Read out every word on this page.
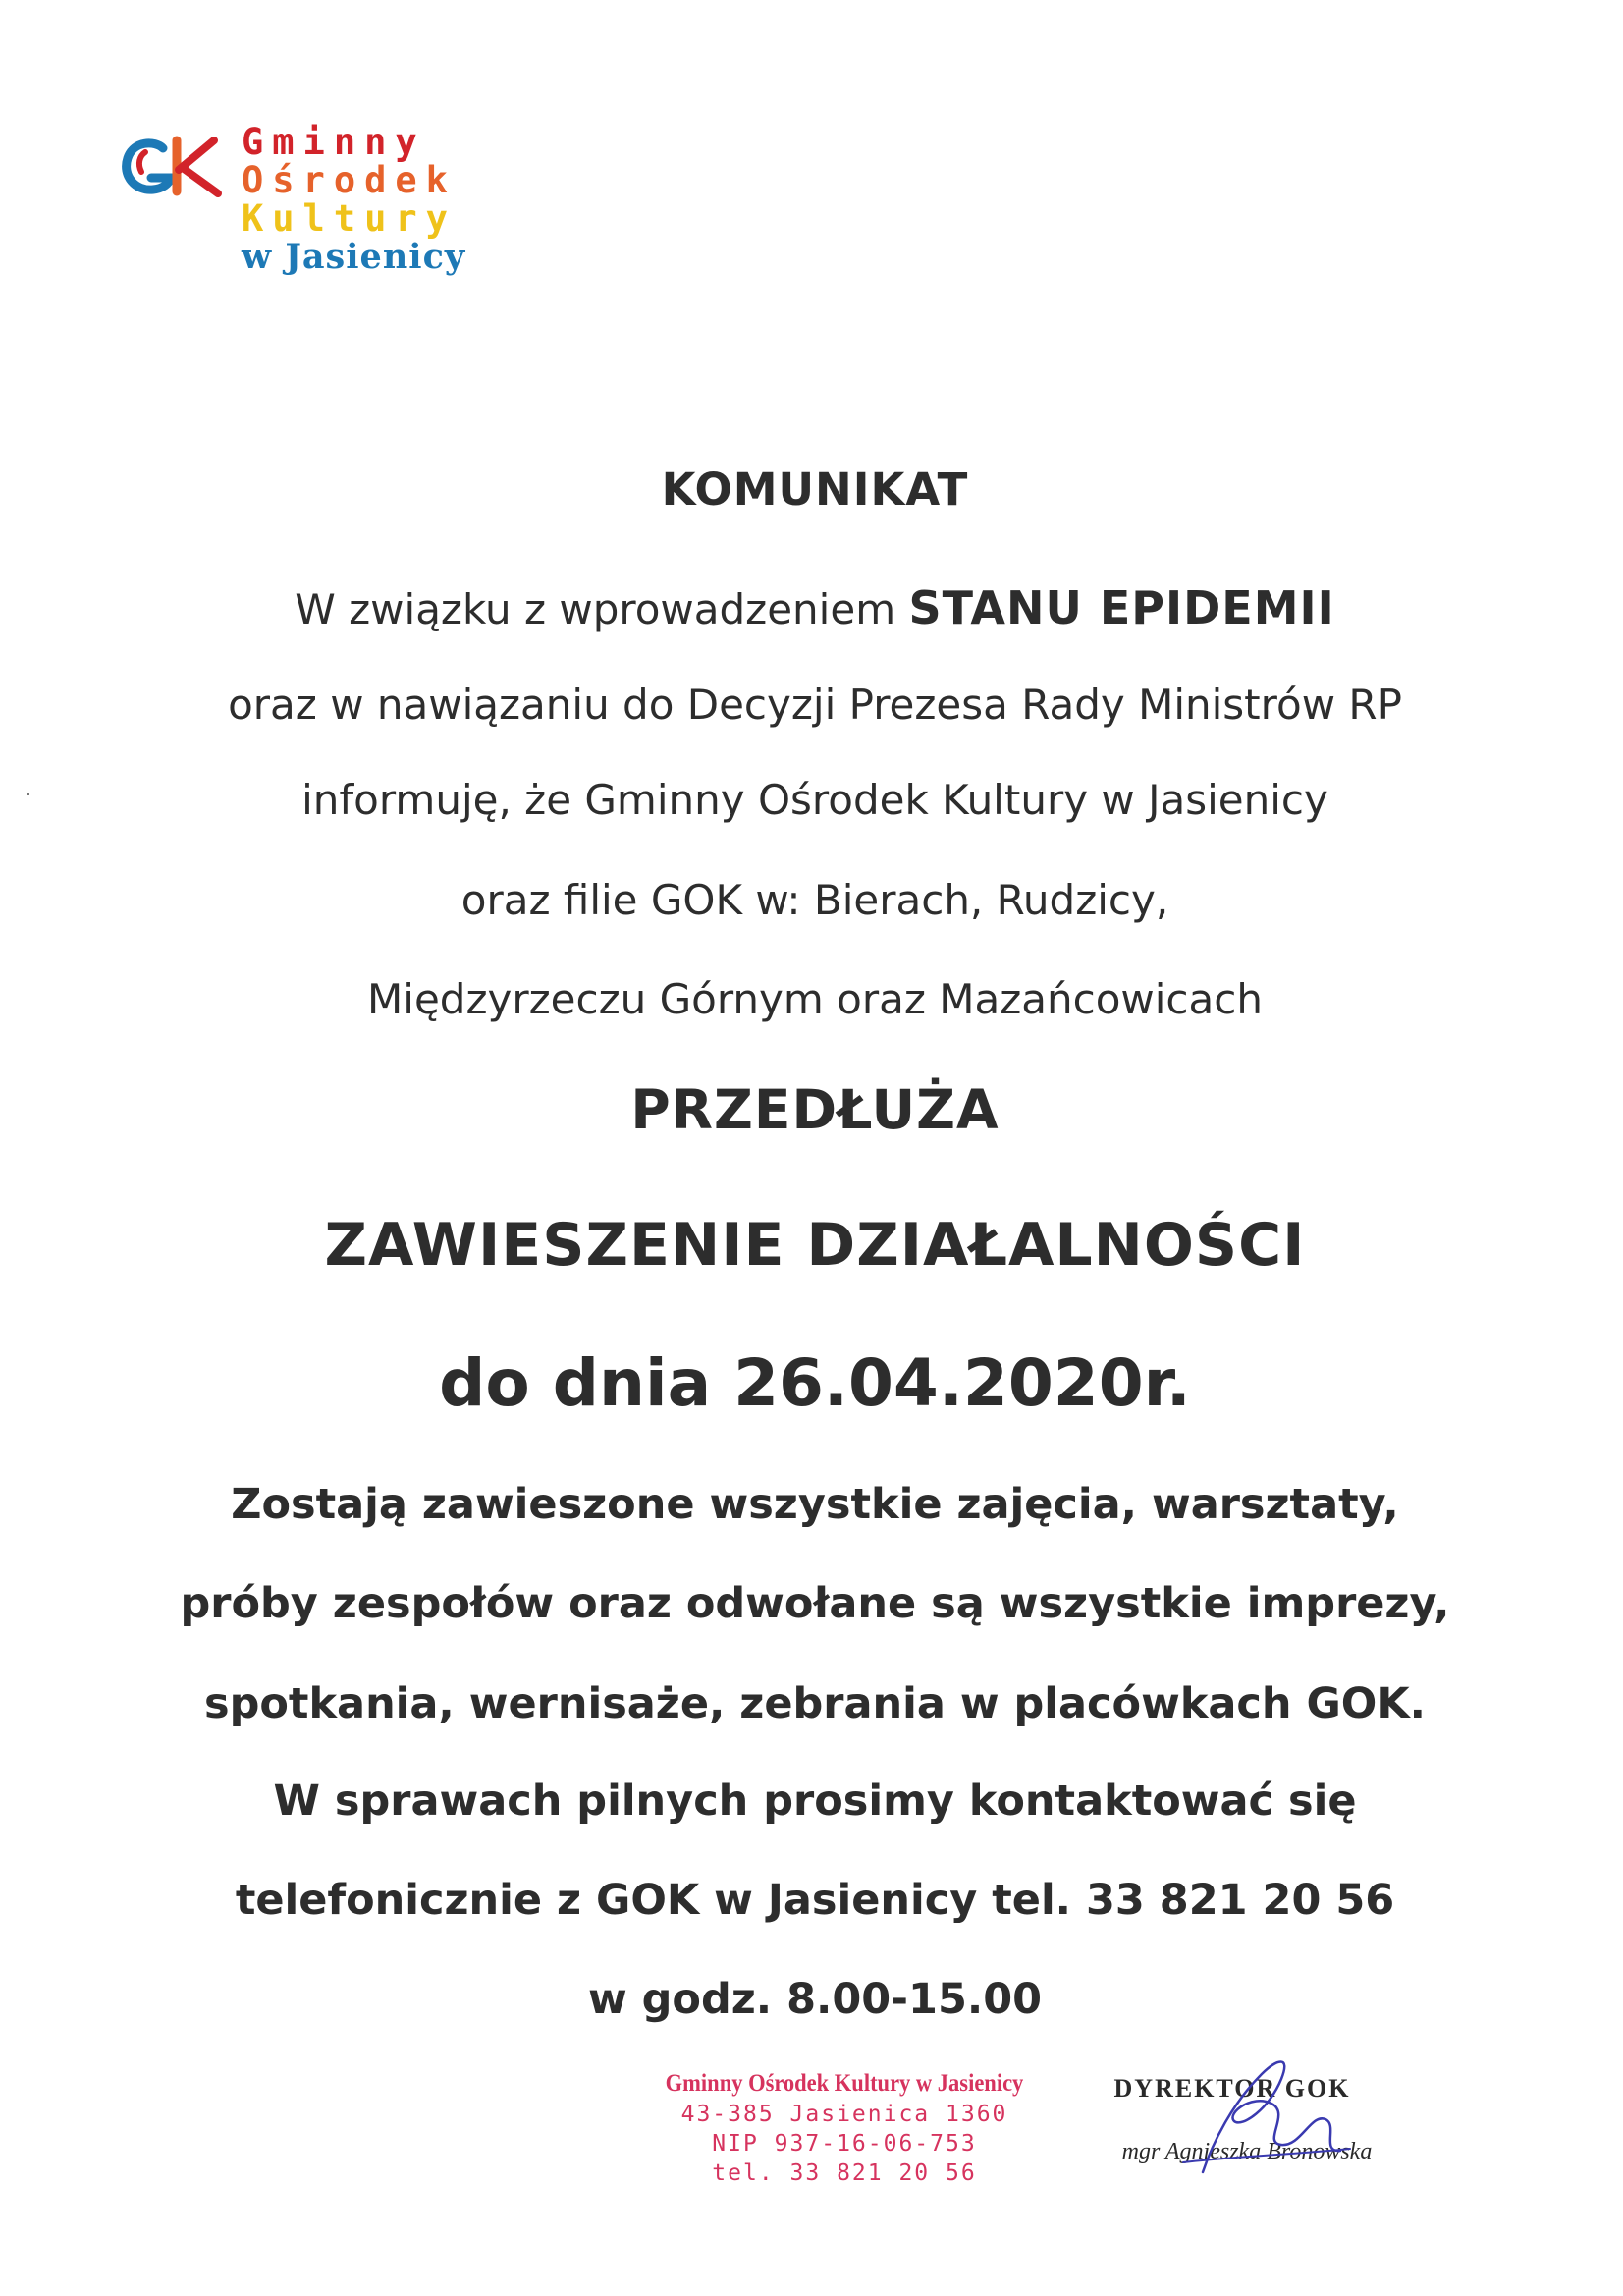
Gminny
Ośrodek
Kultury
w Jasienicy
KOMUNIKAT
W związku z wprowadzeniem STANU EPIDEMII
oraz w nawiązaniu do Decyzji Prezesa Rady Ministrów RP
informuję, że Gminny Ośrodek Kultury w Jasienicy
oraz filie GOK w: Bierach, Rudzicy,
Międzyrzeczu Górnym oraz Mazańcowicach
PRZEDŁUŻA
ZAWIESZENIE DZIAŁALNOŚCI
do dnia 26.04.2020r.
Zostają zawieszone wszystkie zajęcia, warsztaty,
próby zespołów oraz odwołane są wszystkie imprezy,
spotkania, wernisaże, zebrania w placówkach GOK.
W sprawach pilnych prosimy kontaktować się
telefonicznie z GOK w Jasienicy tel. 33 821 20 56
w godz. 8.00-15.00
Gminny Ośrodek Kultury w Jasienicy
43-385 Jasienica 1360
NIP 937-16-06-753
tel. 33 821 20 56
DYREKTOR GOK
mgr Agnieszka Bronowska
